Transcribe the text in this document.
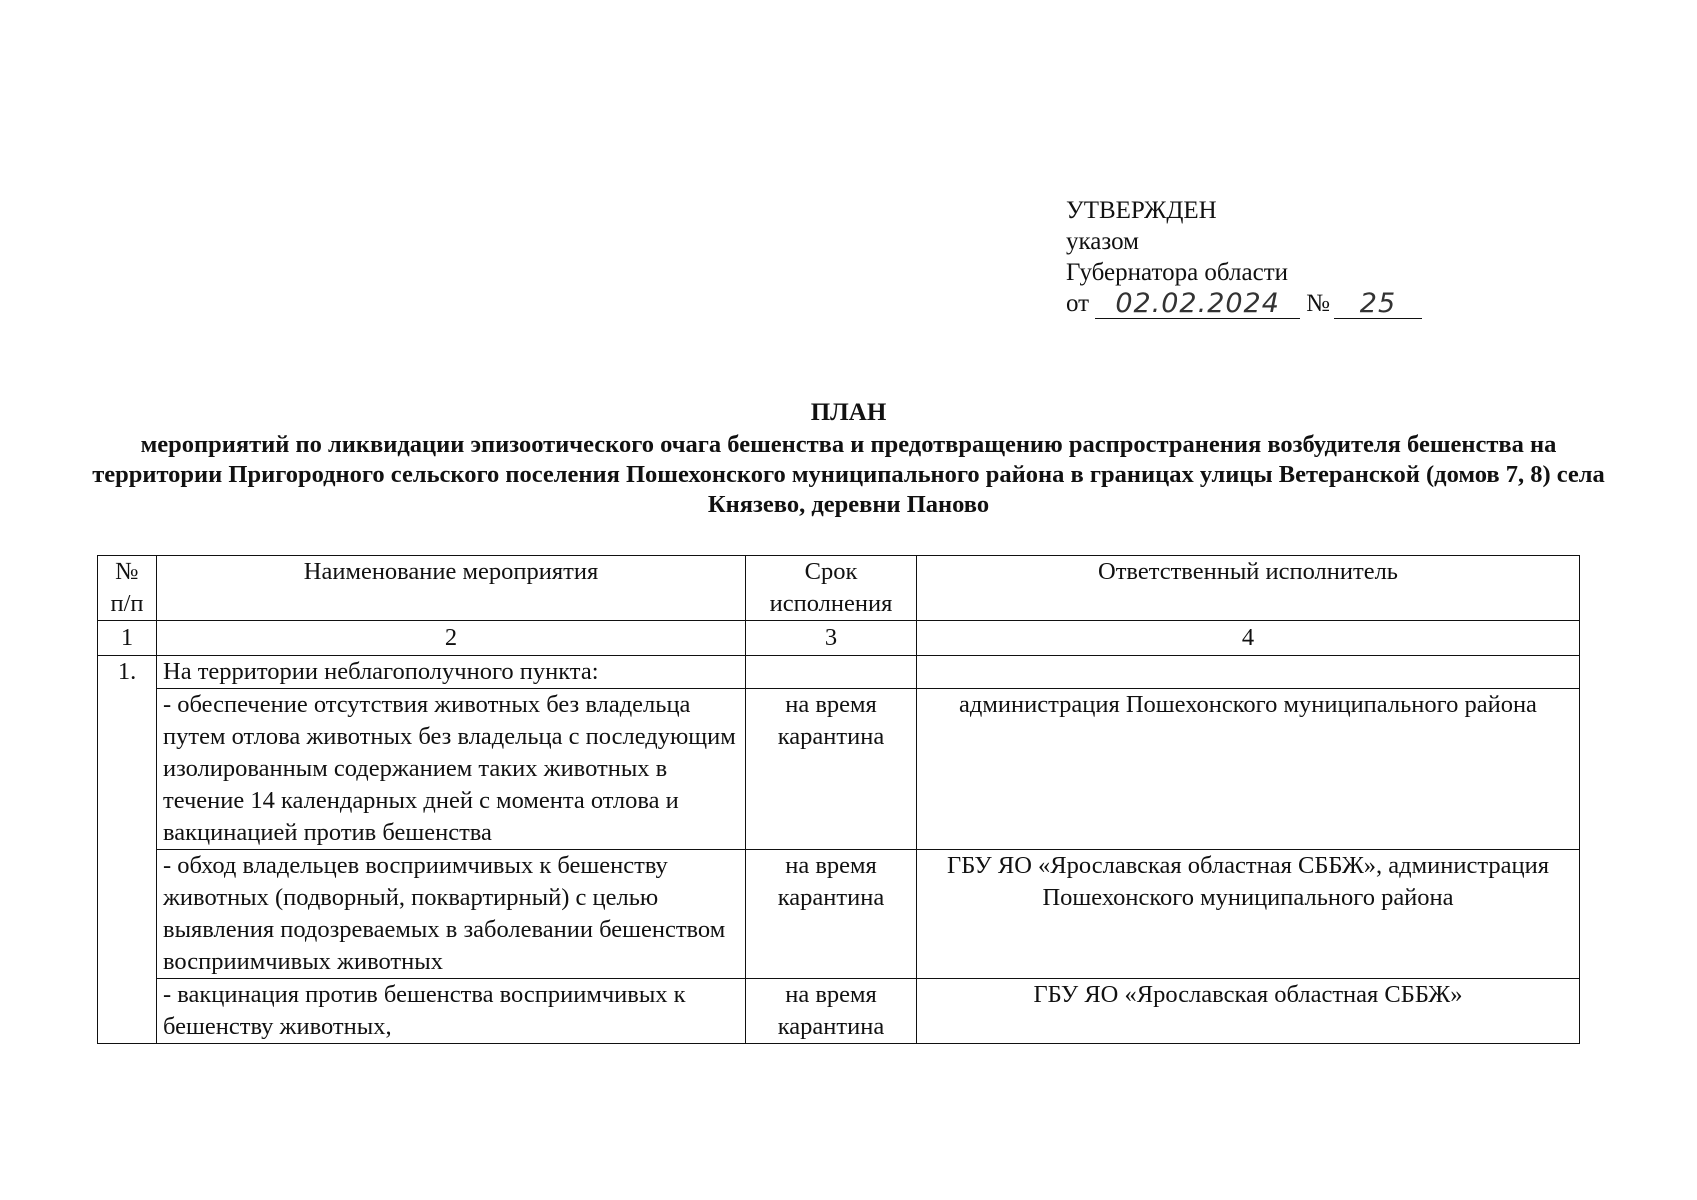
УТВЕРЖДЕН
указом
Губернатора области
от 02.02.2024	№	25
ПЛАН
мероприятий по ликвидации эпизоотического очага бешенства и предотвращению распространения возбудителя бешенства на территории Пригородного сельского поселения Пошехонского муниципального района в границах улицы Ветеранской (домов 7, 8) села Князево, деревни Паново
№ п/п	Наименование мероприятия	Срок исполнения	Ответственный исполнитель
1	2	3	4
1.	На территории неблагополучного пункта:		
	- обеспечение отсутствия животных без владельца путем отлова животных без владельца с последующим изолированным содержанием таких животных в течение 14 календарных дней с момента отлова и вакцинацией против бешенства	на время карантина	администрация Пошехонского муниципального района
	- обход владельцев восприимчивых к бешенству животных (подворный, поквартирный) с целью выявления подозреваемых в заболевании бешенством восприимчивых животных	на время карантина	ГБУ ЯО «Ярославская областная СББЖ», администрация Пошехонского муниципального района
	- вакцинация против бешенства восприимчивых к бешенству животных,	на время карантина	ГБУ ЯО «Ярославская областная СББЖ»
